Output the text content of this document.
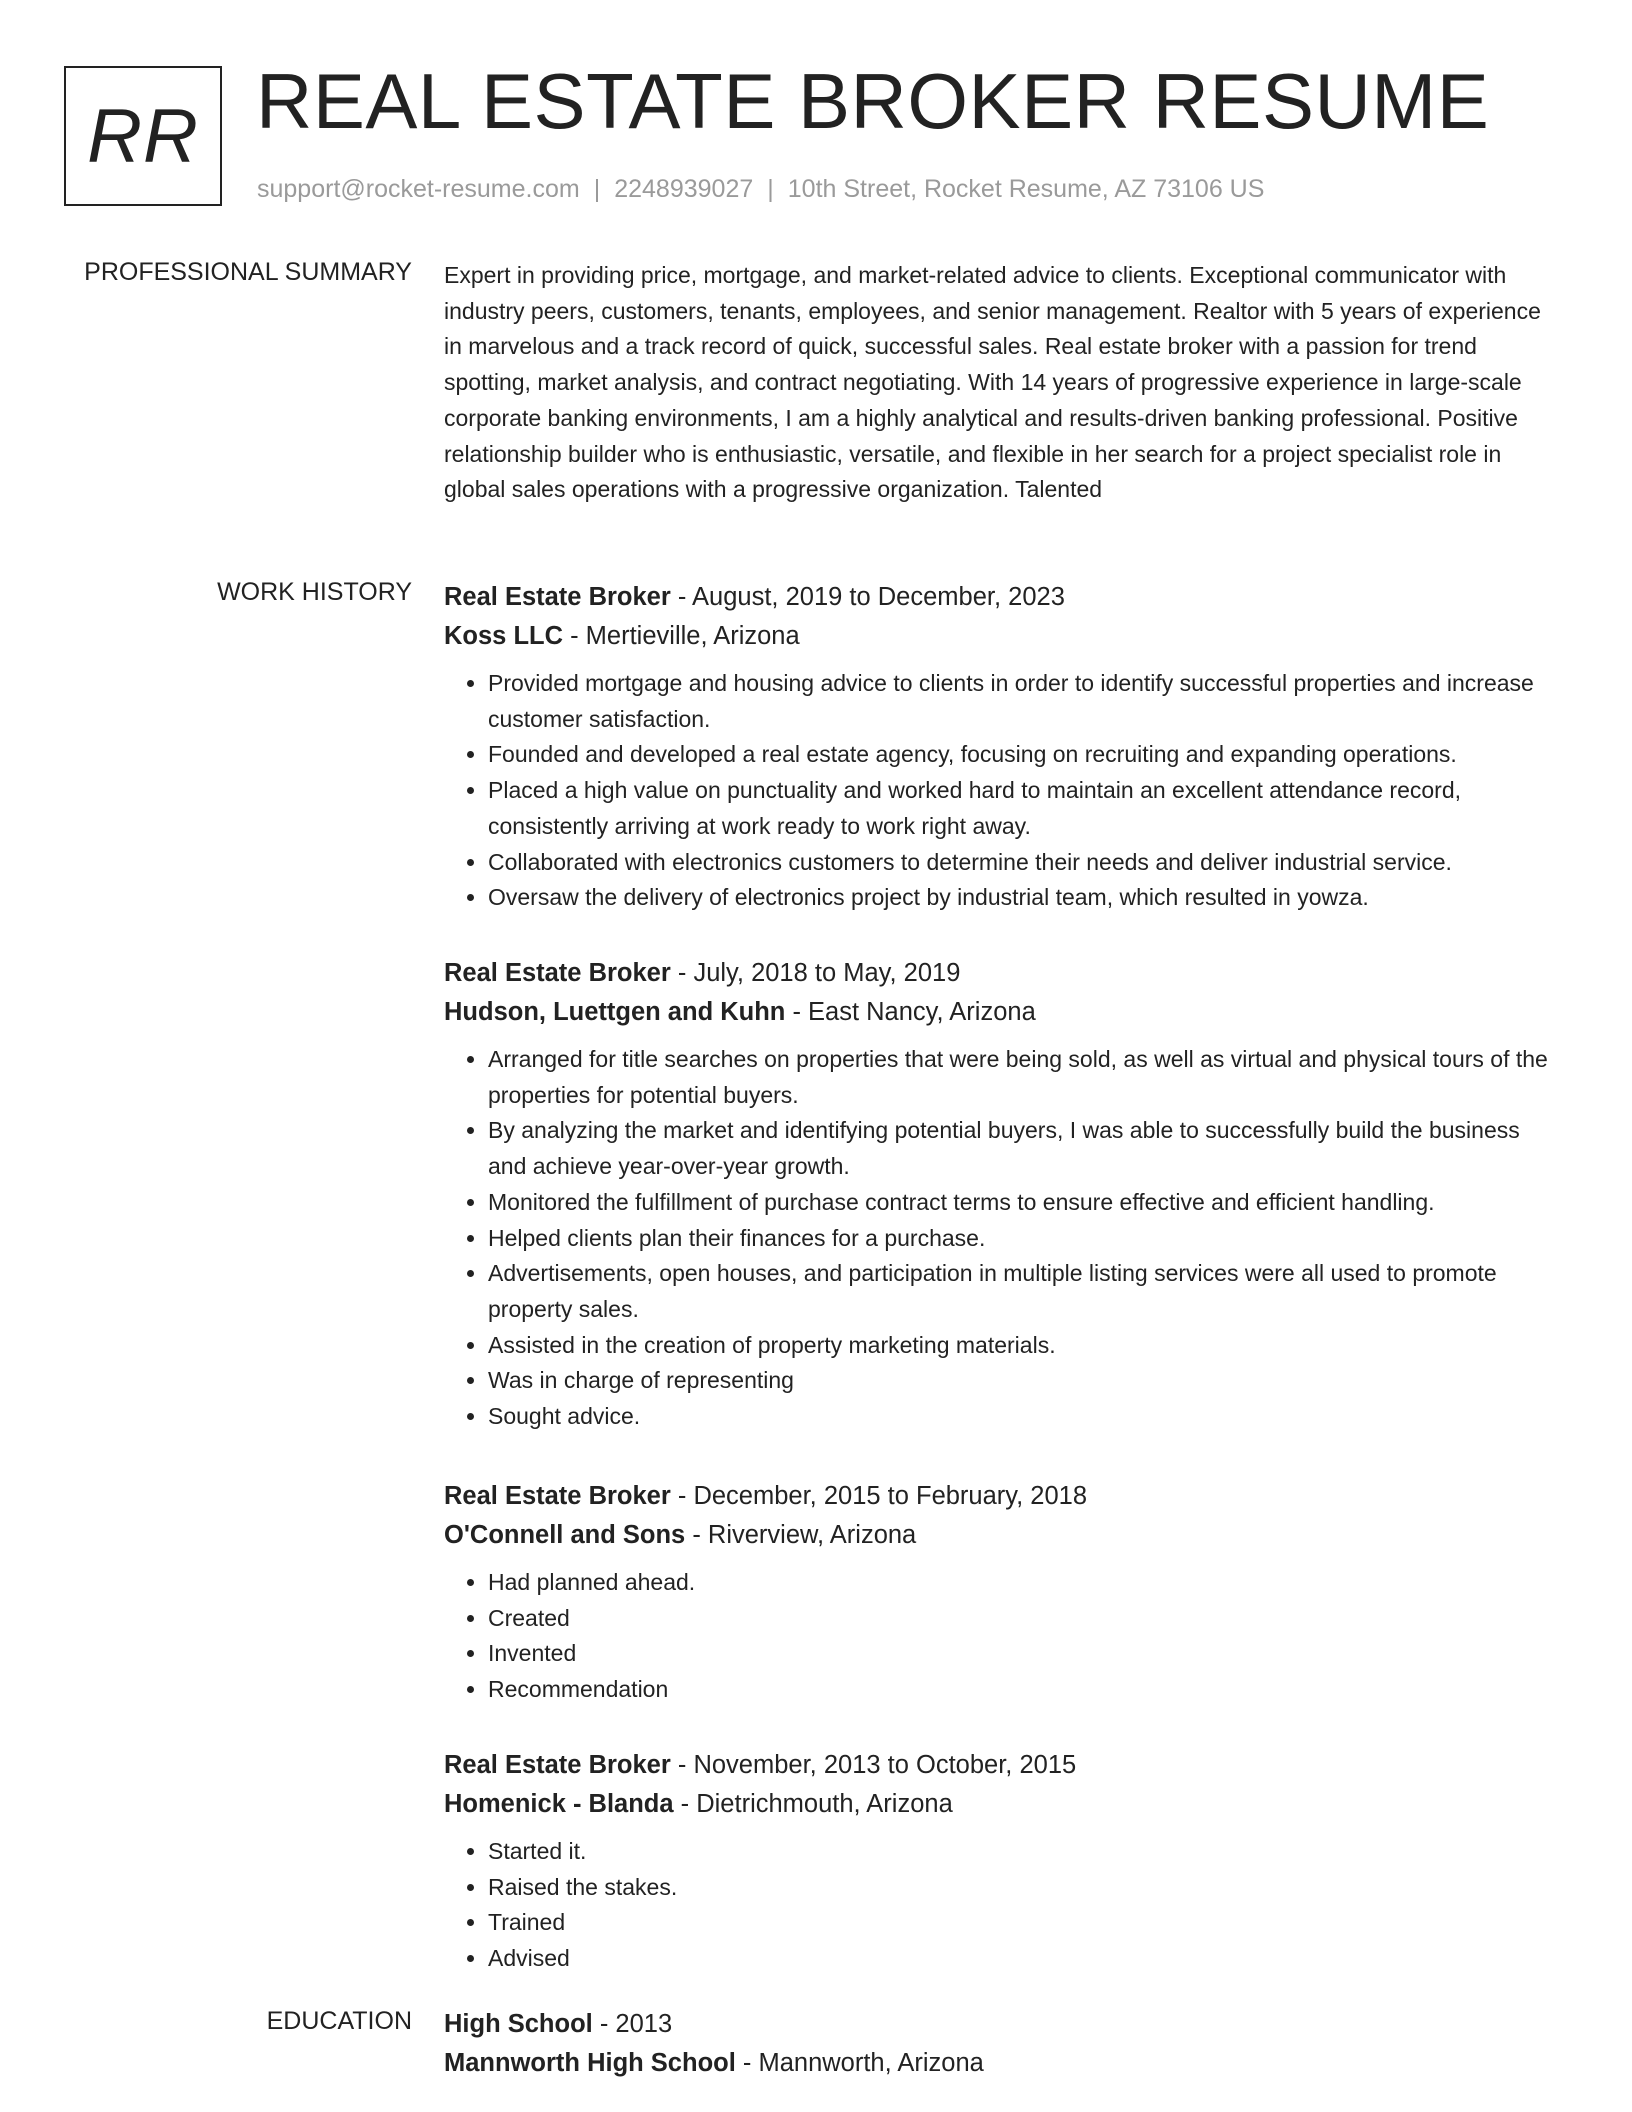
RR REAL ESTATE BROKER RESUME
support@rocket-resume.com | 2248939027 | 10th Street, Rocket Resume, AZ 73106 US
PROFESSIONAL SUMMARY Expert in providing price, mortgage, and market-related advice to clients. Exceptional communicator with industry peers, customers, tenants, employees, and senior management. Realtor with 5 years of experience in marvelous and a track record of quick, successful sales. Real estate broker with a passion for trend spotting, market analysis, and contract negotiating. With 14 years of progressive experience in large-scale corporate banking environments, I am a highly analytical and results-driven banking professional. Positive relationship builder who is enthusiastic, versatile, and flexible in her search for a project specialist role in global sales operations with a progressive organization. Talented

WORK HISTORY Real Estate Broker - August, 2019 to December, 2023
Koss LLC - Mertieville, Arizona
• Provided mortgage and housing advice to clients in order to identify successful properties and increase customer satisfaction.
• Founded and developed a real estate agency, focusing on recruiting and expanding operations.
• Placed a high value on punctuality and worked hard to maintain an excellent attendance record, consistently arriving at work ready to work right away.
• Collaborated with electronics customers to determine their needs and deliver industrial service.
• Oversaw the delivery of electronics project by industrial team, which resulted in yowza.
Real Estate Broker - July, 2018 to May, 2019
Hudson, Luettgen and Kuhn - East Nancy, Arizona
• Arranged for title searches on properties that were being sold, as well as virtual and physical tours of the properties for potential buyers.
• By analyzing the market and identifying potential buyers, I was able to successfully build the business and achieve year-over-year growth.
• Monitored the fulfillment of purchase contract terms to ensure effective and efficient handling.
• Helped clients plan their finances for a purchase.
• Advertisements, open houses, and participation in multiple listing services were all used to promote property sales.
• Assisted in the creation of property marketing materials.
• Was in charge of representing
• Sought advice.
Real Estate Broker - December, 2015 to February, 2018
O'Connell and Sons - Riverview, Arizona
• Had planned ahead.
• Created
• Invented
• Recommendation
Real Estate Broker - November, 2013 to October, 2015
Homenick - Blanda - Dietrichmouth, Arizona
• Started it.
• Raised the stakes.
• Trained
• Advised
EDUCATION High School - 2013
Mannworth High School - Mannworth, Arizona
